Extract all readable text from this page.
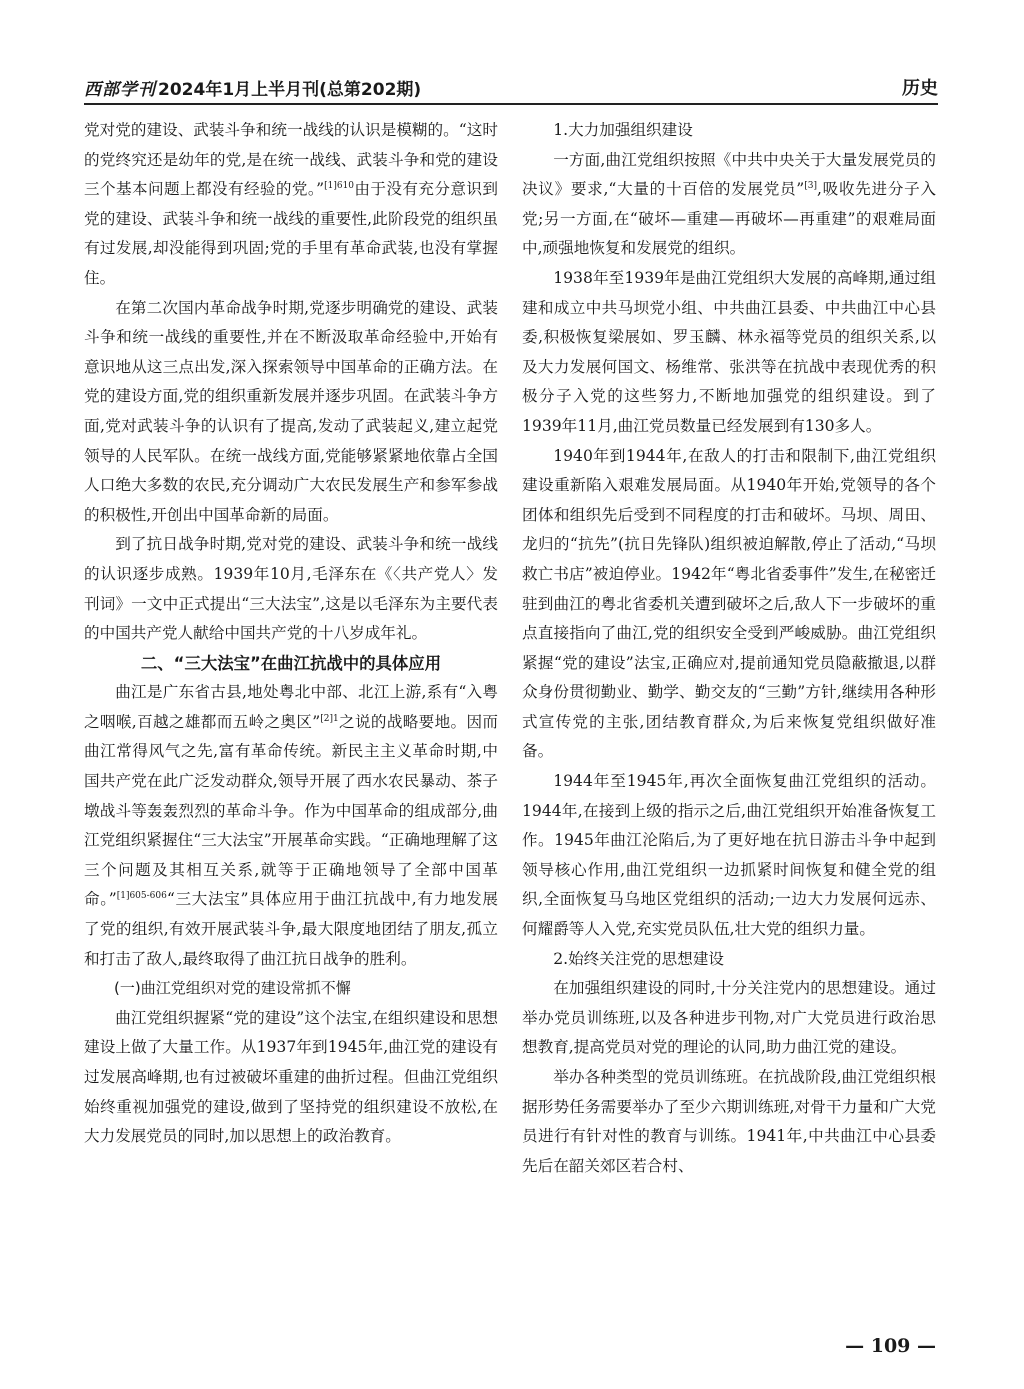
西部学刊 2024年1月上半月刊(总第202期)	历史

党对党的建设、武装斗争和统一战线的认识是模糊的。“这时的党终究还是幼年的党,是在统一战线、武装斗争和党的建设三个基本问题上都没有经验的党。”$^{[1]610}$由于没有充分意识到党的建设、武装斗争和统一战线的重要性,此阶段党的组织虽有过发展,却没能得到巩固;党的手里有革命武装,也没有掌握住。

在第二次国内革命战争时期,党逐步明确党的建设、武装斗争和统一战线的重要性,并在不断汲取革命经验中,开始有意识地从这三点出发,深入探索领导中国革命的正确方法。在党的建设方面,党的组织重新发展并逐步巩固。在武装斗争方面,党对武装斗争的认识有了提高,发动了武装起义,建立起党领导的人民军队。在统一战线方面,党能够紧紧地依靠占全国人口绝大多数的农民,充分调动广大农民发展生产和参军参战的积极性,开创出中国革命新的局面。

到了抗日战争时期,党对党的建设、武装斗争和统一战线的认识逐步成熟。1939年10月,毛泽东在《〈共产党人〉发刊词》一文中正式提出“三大法宝”,这是以毛泽东为主要代表的中国共产党人献给中国共产党的十八岁成年礼。

二、“三大法宝”在曲江抗战中的具体应用

曲江是广东省古县,地处粤北中部、北江上游,系有“入粤之咽喉,百越之雄都而五岭之奥区”$^{[2]1}$之说的战略要地。因而曲江常得风气之先,富有革命传统。新民主主义革命时期,中国共产党在此广泛发动群众,领导开展了西水农民暴动、茶子墩战斗等轰轰烈烈的革命斗争。作为中国革命的组成部分,曲江党组织紧握住“三大法宝”开展革命实践。“正确地理解了这三个问题及其相互关系,就等于正确地领导了全部中国革命。”$^{[1]605-606}$“三大法宝”具体应用于曲江抗战中,有力地发展了党的组织,有效开展武装斗争,最大限度地团结了朋友,孤立和打击了敌人,最终取得了曲江抗日战争的胜利。

(一)曲江党组织对党的建设常抓不懈

曲江党组织握紧“党的建设”这个法宝,在组织建设和思想建设上做了大量工作。从1937年到1945年,曲江党的建设有过发展高峰期,也有过被破坏重建的曲折过程。但曲江党组织始终重视加强党的建设,做到了坚持党的组织建设不放松,在大力发展党员的同时,加以思想上的政治教育。

1.大力加强组织建设

一方面,曲江党组织按照《中共中央关于大量发展党员的决议》要求,“大量的十百倍的发展党员”[3],吸收先进分子入党;另一方面,在“破坏—重建—再破坏—再重建”的艰难局面中,顽强地恢复和发展党的组织。

1938年至1939年是曲江党组织大发展的高峰期,通过组建和成立中共马坝党小组、中共曲江县委、中共曲江中心县委,积极恢复梁展如、罗玉麟、林永福等党员的组织关系,以及大力发展何国文、杨维常、张洪等在抗战中表现优秀的积极分子入党的这些努力,不断地加强党的组织建设。到了1939年11月,曲江党员数量已经发展到有130多人。

1940年到1944年,在敌人的打击和限制下,曲江党组织建设重新陷入艰难发展局面。从1940年开始,党领导的各个团体和组织先后受到不同程度的打击和破坏。马坝、周田、龙归的“抗先”(抗日先锋队)组织被迫解散,停止了活动,“马坝救亡书店”被迫停业。1942年“粤北省委事件”发生,在秘密迁驻到曲江的粤北省委机关遭到破坏之后,敌人下一步破坏的重点直接指向了曲江,党的组织安全受到严峻威胁。曲江党组织紧握“党的建设”法宝,正确应对,提前通知党员隐蔽撤退,以群众身份贯彻勤业、勤学、勤交友的“三勤”方针,继续用各种形式宣传党的主张,团结教育群众,为后来恢复党组织做好准备。

1944年至1945年,再次全面恢复曲江党组织的活动。1944年,在接到上级的指示之后,曲江党组织开始准备恢复工作。1945年曲江沦陷后,为了更好地在抗日游击斗争中起到领导核心作用,曲江党组织一边抓紧时间恢复和健全党的组织,全面恢复马乌地区党组织的活动;一边大力发展何远赤、何耀爵等人入党,充实党员队伍,壮大党的组织力量。

2.始终关注党的思想建设

在加强组织建设的同时,十分关注党内的思想建设。通过举办党员训练班,以及各种进步刊物,对广大党员进行政治思想教育,提高党员对党的理论的认同,助力曲江党的建设。

举办各种类型的党员训练班。在抗战阶段,曲江党组织根据形势任务需要举办了至少六期训练班,对骨干力量和广大党员进行有针对性的教育与训练。1941年,中共曲江中心县委先后在韶关郊区若合村、

— 109 —
